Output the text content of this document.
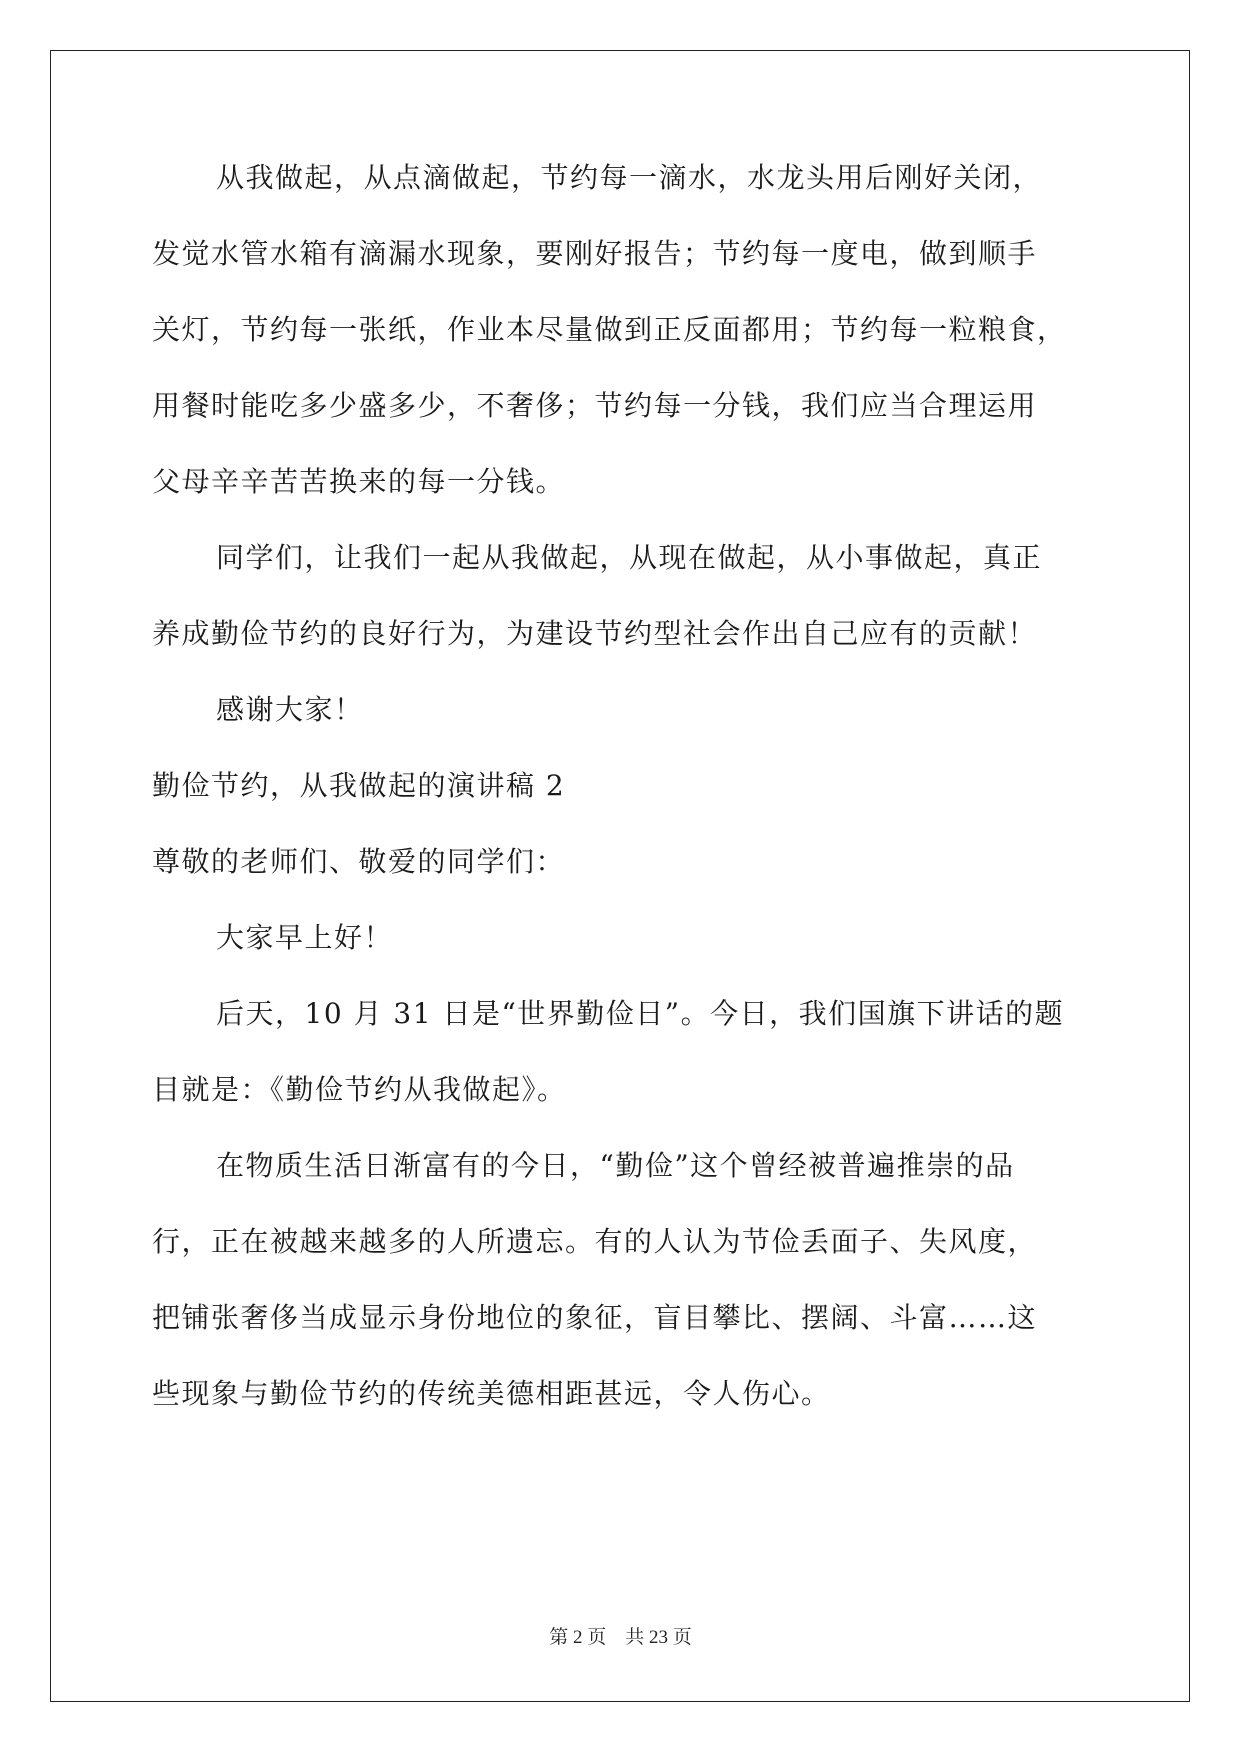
从我做起，从点滴做起，节约每一滴水，水龙头用后刚好关闭，
发觉水管水箱有滴漏水现象，要刚好报告；节约每一度电，做到顺手
关灯，节约每一张纸，作业本尽量做到正反面都用；节约每一粒粮食，
用餐时能吃多少盛多少，不奢侈；节约每一分钱，我们应当合理运用
父母辛辛苦苦换来的每一分钱。
同学们，让我们一起从我做起，从现在做起，从小事做起，真正
养成勤俭节约的良好行为，为建设节约型社会作出自己应有的贡献！
感谢大家！
勤俭节约，从我做起的演讲稿 2
尊敬的老师们、敬爱的同学们：
大家早上好！
后天，10 月 31 日是“世界勤俭日”。今日，我们国旗下讲话的题
目就是：《勤俭节约从我做起》。
在物质生活日渐富有的今日，“勤俭”这个曾经被普遍推崇的品
行，正在被越来越多的人所遗忘。有的人认为节俭丢面子、失风度，
把铺张奢侈当成显示身份地位的象征，盲目攀比、摆阔、斗富……这
些现象与勤俭节约的传统美德相距甚远，令人伤心。
第 2 页　共 23 页
